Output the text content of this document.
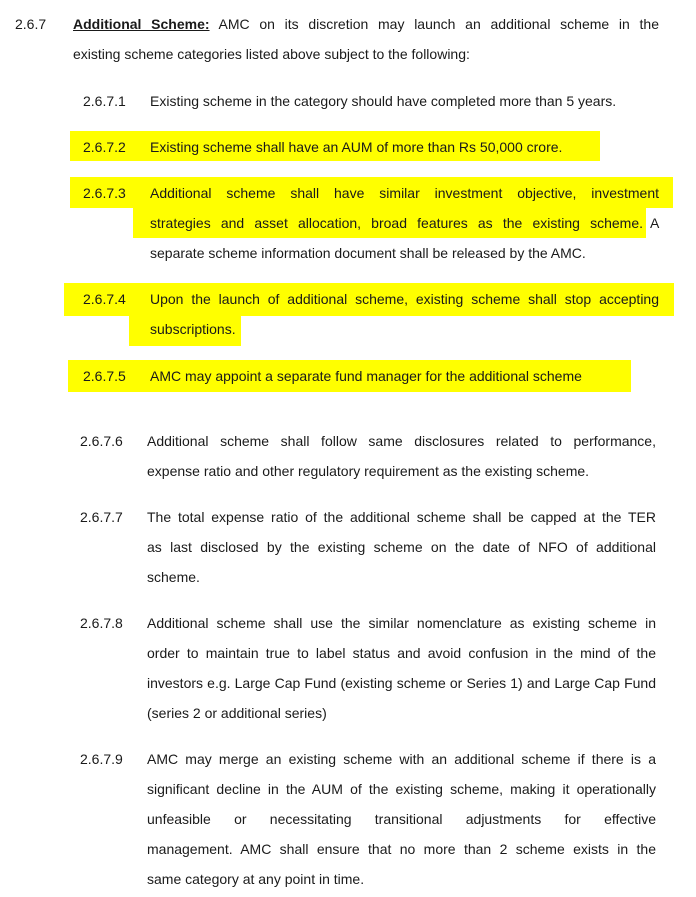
2.6.7 Additional Scheme: AMC on its discretion may launch an additional scheme in the
existing scheme categories listed above subject to the following:
2.6.7.1 Existing scheme in the category should have completed more than 5 years.
2.6.7.2 Existing scheme shall have an AUM of more than Rs 50,000 crore.
2.6.7.3 Additional scheme shall have similar investment objective, investment
strategies and asset allocation, broad features as the existing scheme. A
separate scheme information document shall be released by the AMC.
2.6.7.4 Upon the launch of additional scheme, existing scheme shall stop accepting
subscriptions.
2.6.7.5 AMC may appoint a separate fund manager for the additional scheme
2.6.7.6 Additional scheme shall follow same disclosures related to performance,
expense ratio and other regulatory requirement as the existing scheme.
2.6.7.7 The total expense ratio of the additional scheme shall be capped at the TER
as last disclosed by the existing scheme on the date of NFO of additional
scheme.
2.6.7.8 Additional scheme shall use the similar nomenclature as existing scheme in
order to maintain true to label status and avoid confusion in the mind of the
investors e.g. Large Cap Fund (existing scheme or Series 1) and Large Cap Fund
(series 2 or additional series)
2.6.7.9 AMC may merge an existing scheme with an additional scheme if there is a
significant decline in the AUM of the existing scheme, making it operationally
unfeasible or necessitating transitional adjustments for effective
management. AMC shall ensure that no more than 2 scheme exists in the
same category at any point in time.
